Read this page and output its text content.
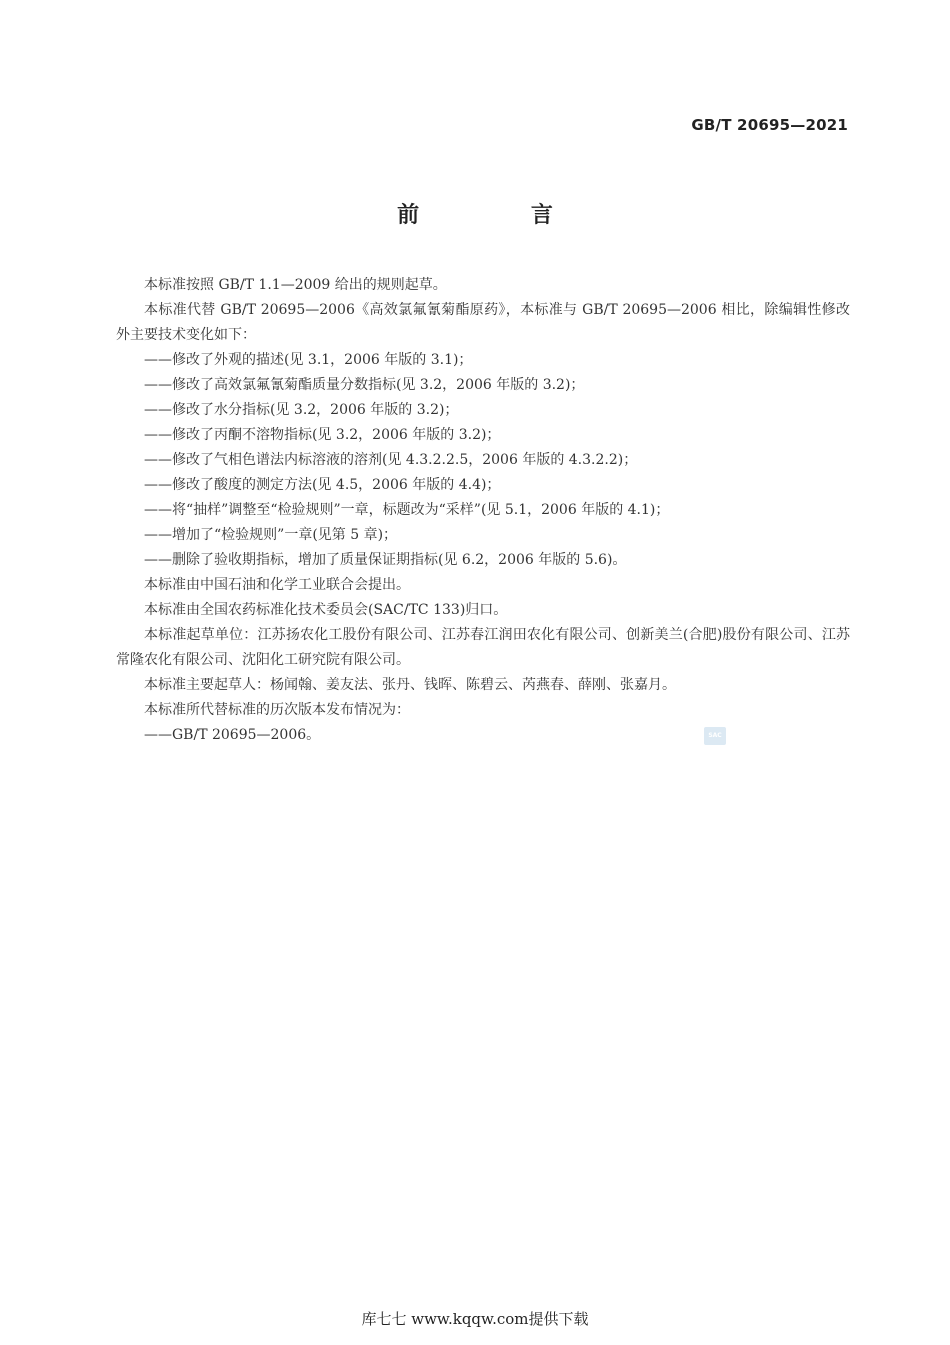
GB/T 20695—2021
前 言

本标准按照 GB/T 1.1—2009 给出的规则起草。

本标准代替 GB/T 20695—2006《高效氯氟氰菊酯原药》，本标准与 GB/T 20695—2006 相比，除编辑性修改外主要技术变化如下：

——修改了外观的描述(见 3.1，2006 年版的 3.1)；

——修改了高效氯氟氰菊酯质量分数指标(见 3.2，2006 年版的 3.2)；

——修改了水分指标(见 3.2，2006 年版的 3.2)；

——修改了丙酮不溶物指标(见 3.2，2006 年版的 3.2)；

——修改了气相色谱法内标溶液的溶剂(见 4.3.2.2.5，2006 年版的 4.3.2.2)；

——修改了酸度的测定方法(见 4.5，2006 年版的 4.4)；

——将“抽样”调整至“检验规则”一章，标题改为“采样”(见 5.1，2006 年版的 4.1)；

——增加了“检验规则”一章(见第 5 章)；

——删除了验收期指标，增加了质量保证期指标(见 6.2，2006 年版的 5.6)。

本标准由中国石油和化学工业联合会提出。

本标准由全国农药标准化技术委员会(SAC/TC 133)归口。

本标准起草单位：江苏扬农化工股份有限公司、江苏春江润田农化有限公司、创新美兰(合肥)股份有限公司、江苏常隆农化有限公司、沈阳化工研究院有限公司。

本标准主要起草人：杨闻翰、姜友法、张丹、钱晖、陈碧云、芮燕春、薛刚、张嘉月。

本标准所代替标准的历次版本发布情况为：

——GB/T 20695—2006。	SAC
库七七 www.kqqw.com提供下载
